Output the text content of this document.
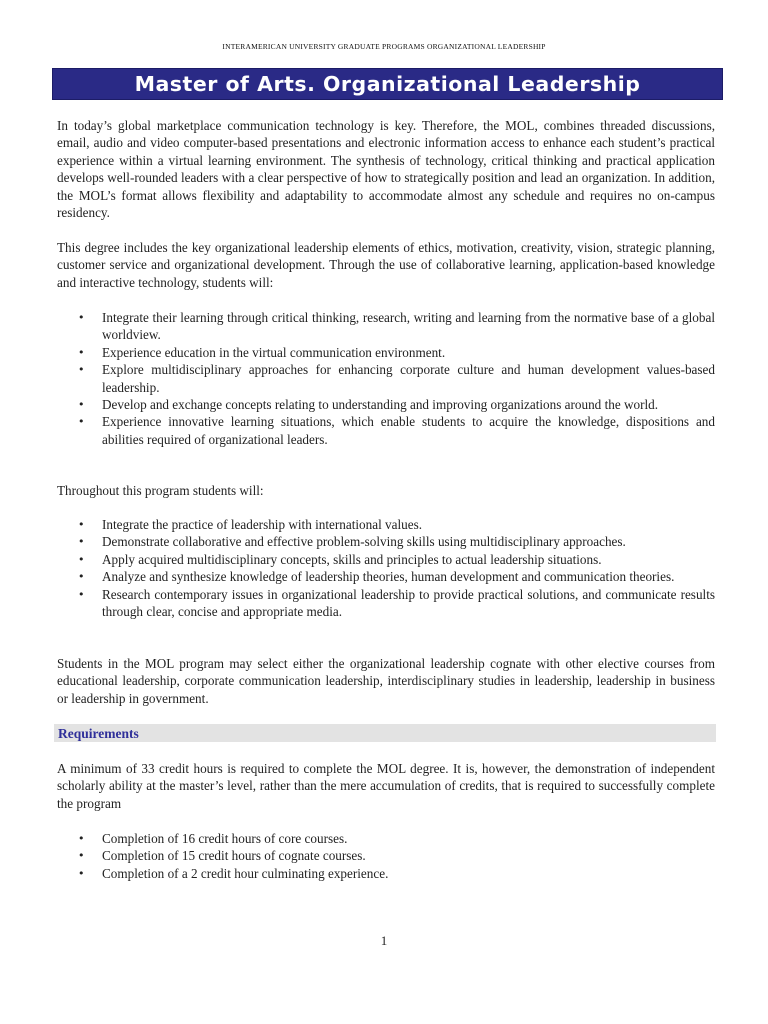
INTERAMERICAN UNIVERSITY GRADUATE PROGRAMS ORGANIZATIONAL LEADERSHIP
Master of Arts. Organizational Leadership

In today’s global marketplace communication technology is key. Therefore, the MOL, combines threaded discussions, email, audio and video computer-based presentations and electronic information access to enhance each student’s practical experience within a virtual learning environment. The synthesis of technology, critical thinking and practical application develops well-rounded leaders with a clear perspective of how to strategically position and lead an organization. In addition, the MOL’s format allows flexibility and adaptability to accommodate almost any schedule and requires no on-campus residency.

This degree includes the key organizational leadership elements of ethics, motivation, creativity, vision, strategic planning, customer service and organizational development. Through the use of collaborative learning, application-based knowledge and interactive technology, students will:

• Integrate their learning through critical thinking, research, writing and learning from the normative base of a global worldview.
• Experience education in the virtual communication environment.
• Explore multidisciplinary approaches for enhancing corporate culture and human development values-based leadership.
• Develop and exchange concepts relating to understanding and improving organizations around the world.
• Experience innovative learning situations, which enable students to acquire the knowledge, dispositions and abilities required of organizational leaders.

Throughout this program students will:

• Integrate the practice of leadership with international values.
• Demonstrate collaborative and effective problem-solving skills using multidisciplinary approaches.
• Apply acquired multidisciplinary concepts, skills and principles to actual leadership situations.
• Analyze and synthesize knowledge of leadership theories, human development and communication theories.
• Research contemporary issues in organizational leadership to provide practical solutions, and communicate results through clear, concise and appropriate media.

Students in the MOL program may select either the organizational leadership cognate with other elective courses from educational leadership, corporate communication leadership, interdisciplinary studies in leadership, leadership in business or leadership in government.

Requirements

A minimum of 33 credit hours is required to complete the MOL degree. It is, however, the demonstration of independent scholarly ability at the master’s level, rather than the mere accumulation of credits, that is required to successfully complete the program

• Completion of 16 credit hours of core courses.
• Completion of 15 credit hours of cognate courses.
• Completion of a 2 credit hour culminating experience.
1
